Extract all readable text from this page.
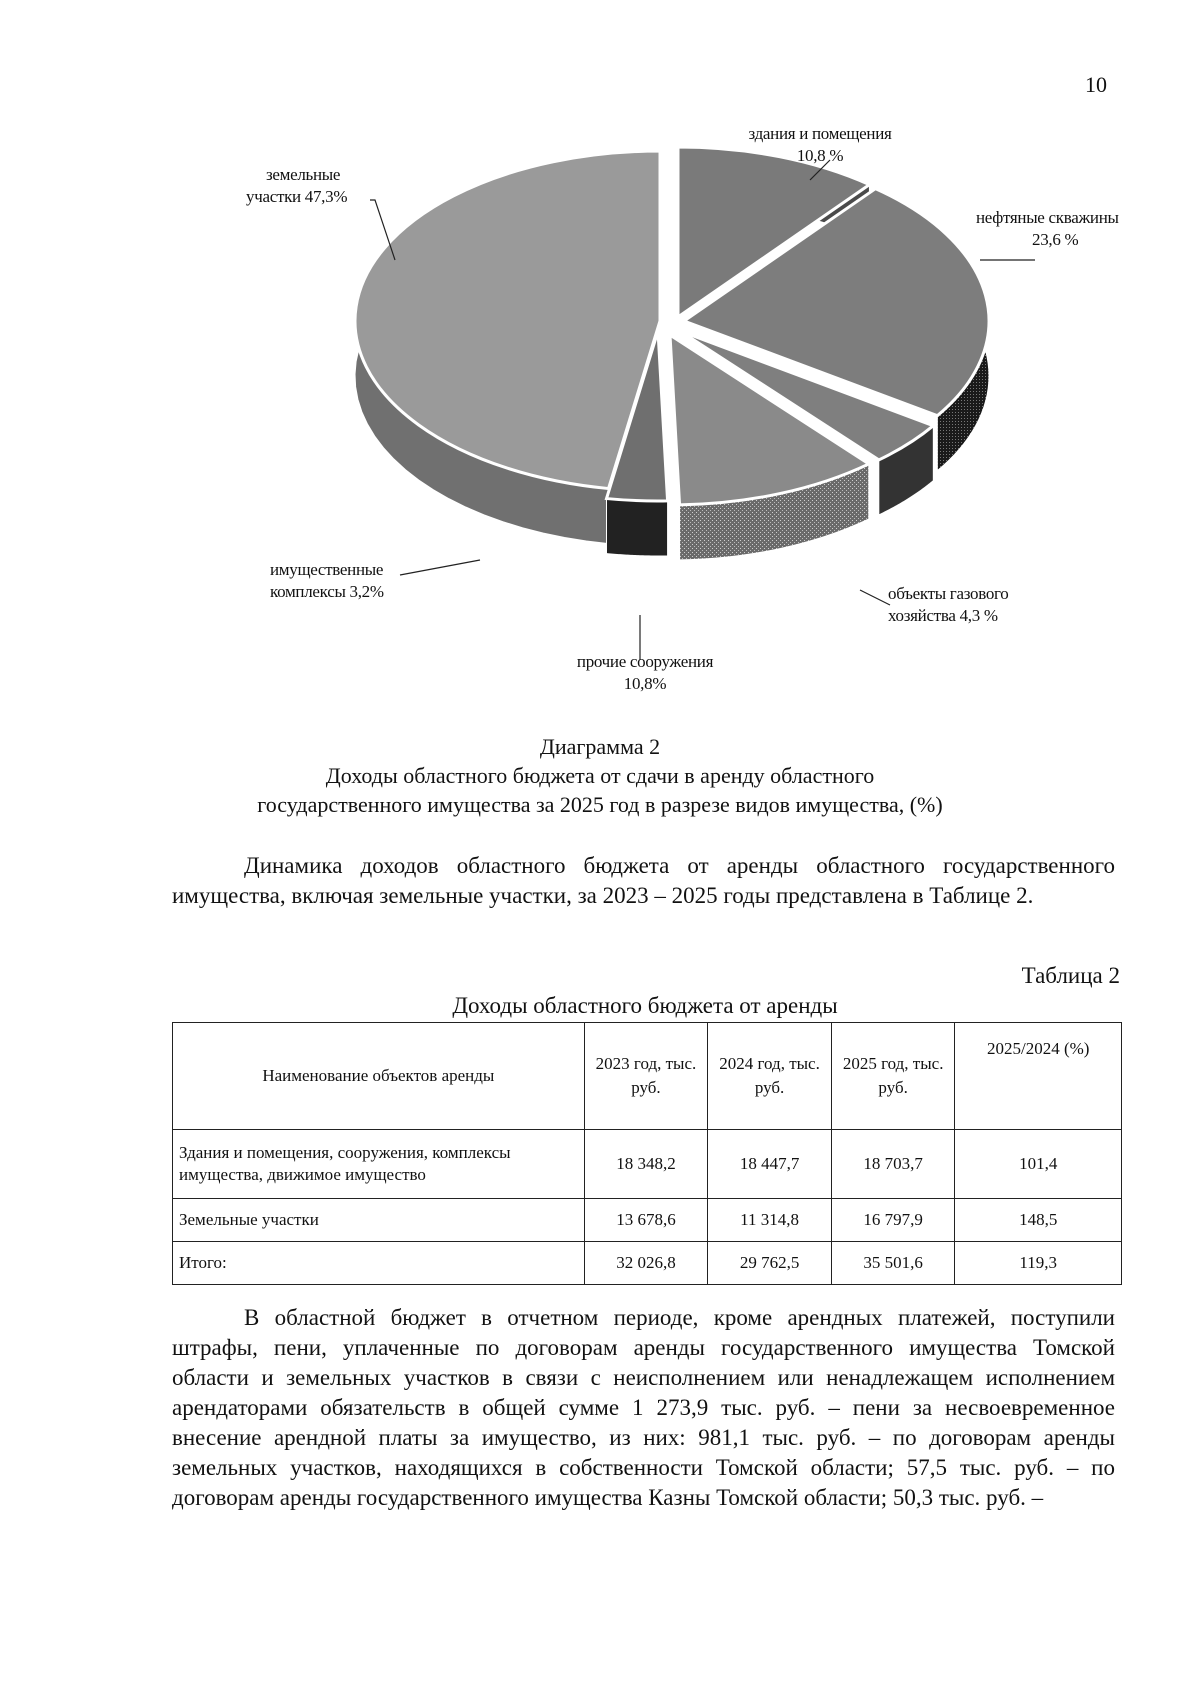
10
здания и помещения
10,8 %
нефтяные скважины
23,6 %
объекты газового
хозяйства 4,3 %
прочие сооружения
10,8%
имущественные
комплексы 3,2%
земельные
участки 47,3%
Диаграмма 2
Доходы областного бюджета от сдачи в аренду областного
государственного имущества за 2025 год в разрезе видов имущества, (%)
Динамика доходов областного бюджета от аренды областного государственного имущества, включая земельные участки, за 2023 – 2025 годы представлена в Таблице 2.
Таблица 2
Доходы областного бюджета от аренды
Наименование объектов аренды	2023 год, тыс. руб.	2024 год, тыс. руб.	2025 год, тыс. руб.	2025/2024 (%)
Здания и помещения, сооружения, комплексы имущества, движимое имущество	18 348,2	18 447,7	18 703,7	101,4
Земельные участки	13 678,6	11 314,8	16 797,9	148,5
Итого:	32 026,8	29 762,5	35 501,6	119,3
В областной бюджет в отчетном периоде, кроме арендных платежей, поступили штрафы, пени, уплаченные по договорам аренды государственного имущества Томской области и земельных участков в связи с неисполнением или ненадлежащем исполнением арендаторами обязательств в общей сумме 1 273,9 тыс. руб. – пени за несвоевременное внесение арендной платы за имущество, из них: 981,1 тыс. руб. – по договорам аренды земельных участков, находящихся в собственности Томской области; 57,5 тыс. руб. – по договорам аренды государственного имущества Казны Томской области; 50,3 тыс. руб. –
